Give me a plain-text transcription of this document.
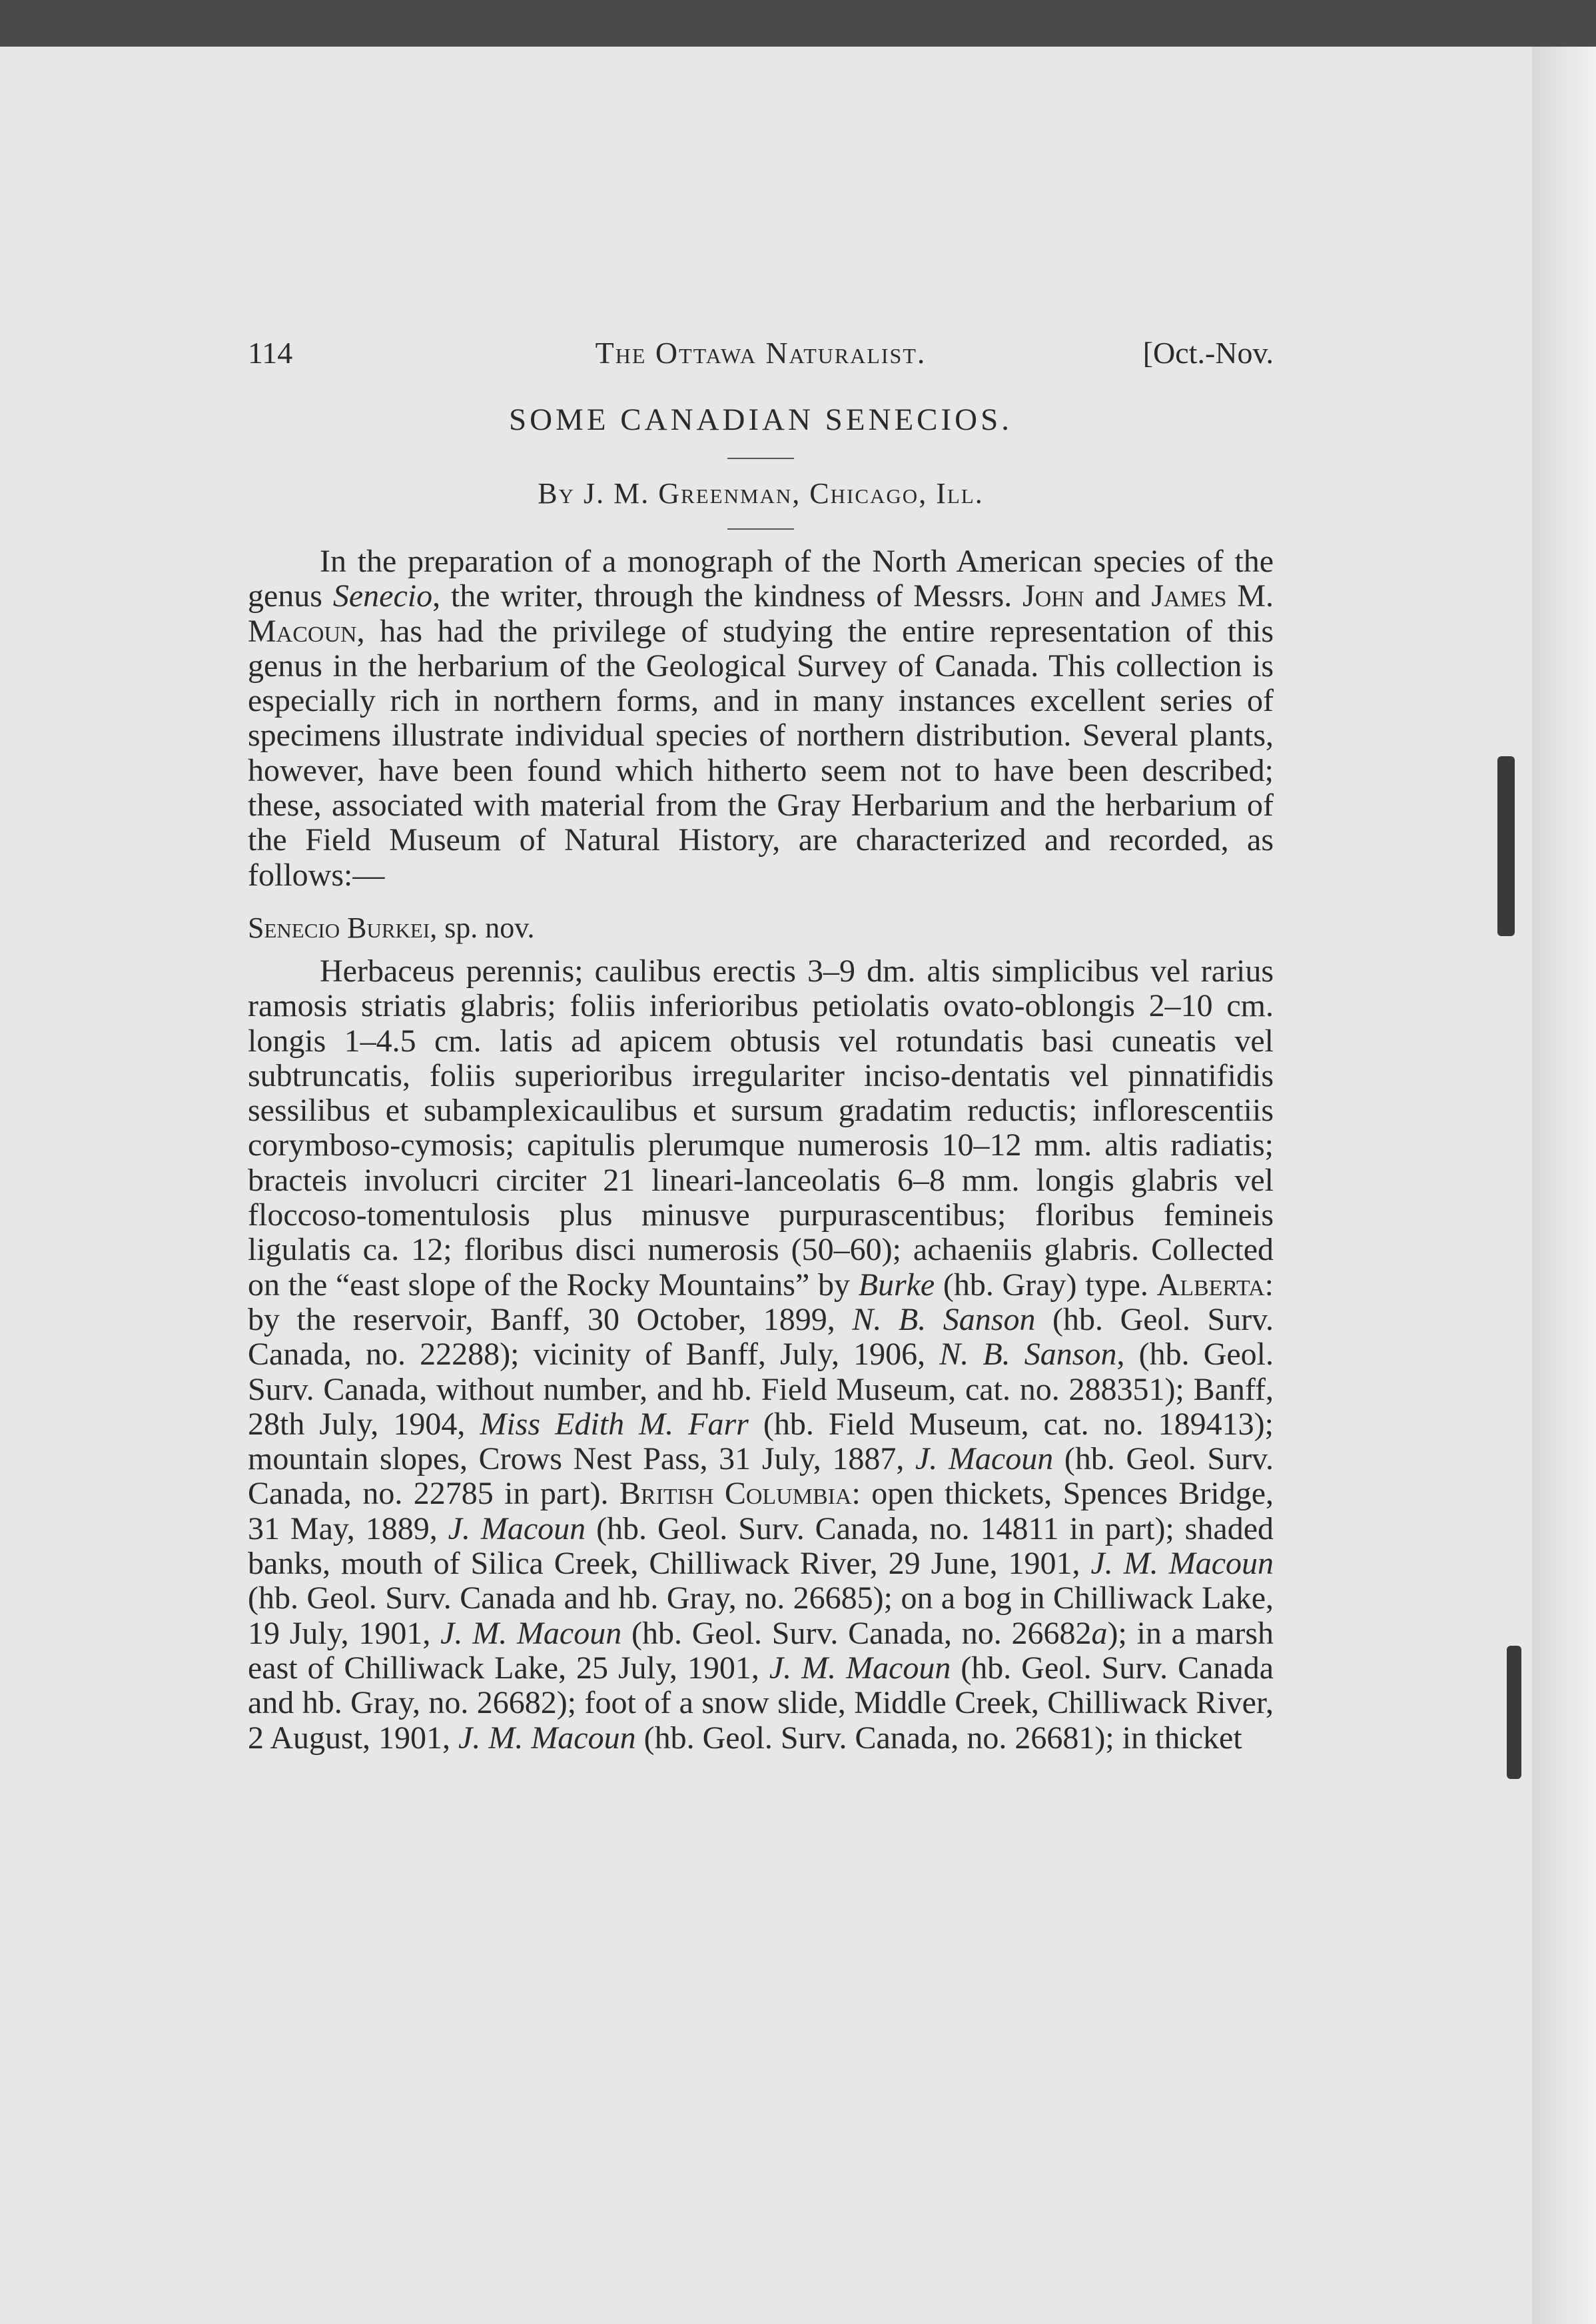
114	The Ottawa Naturalist.	[Oct.-Nov.
SOME CANADIAN SENECIOS.
By J. M. Greenman, Chicago, Ill.

In the preparation of a monograph of the North American species of the genus Senecio, the writer, through the kindness of Messrs. John and James M. Macoun, has had the privilege of studying the entire representation of this genus in the herbarium of the Geological Survey of Canada. This collection is especially rich in northern forms, and in many instances excellent series of specimens illustrate individual species of northern distribution. Several plants, however, have been found which hitherto seem not to have been described; these, associated with material from the Gray Herbarium and the herbarium of the Field Museum of Natural History, are characterized and recorded, as follows:—

Senecio Burkei, sp. nov.

Herbaceus perennis; caulibus erectis 3–9 dm. altis simplicibus vel rarius ramosis striatis glabris; foliis inferioribus petiolatis ovato-oblongis 2–10 cm. longis 1–4.5 cm. latis ad apicem obtusis vel rotundatis basi cuneatis vel subtruncatis, foliis superioribus irregulariter inciso-dentatis vel pinnatifidis sessilibus et subamplexicaulibus et sursum gradatim reductis; inflorescentiis corymboso-cymosis; capitulis plerumque numerosis 10–12 mm. altis radiatis; bracteis involucri circiter 21 lineari-lanceolatis 6–8 mm. longis glabris vel floccoso-tomentulosis plus minusve purpurascentibus; floribus femineis ligulatis ca. 12; floribus disci numerosis (50–60); achaeniis glabris. Collected on the “east slope of the Rocky Mountains” by Burke (hb. Gray) type. Alberta: by the reservoir, Banff, 30 October, 1899, N. B. Sanson (hb. Geol. Surv. Canada, no. 22288); vicinity of Banff, July, 1906, N. B. Sanson, (hb. Geol. Surv. Canada, without number, and hb. Field Museum, cat. no. 288351); Banff, 28th July, 1904, Miss Edith M. Farr (hb. Field Museum, cat. no. 189413); mountain slopes, Crows Nest Pass, 31 July, 1887, J. Macoun (hb. Geol. Surv. Canada, no. 22785 in part). British Columbia: open thickets, Spences Bridge, 31 May, 1889, J. Macoun (hb. Geol. Surv. Canada, no. 14811 in part); shaded banks, mouth of Silica Creek, Chilliwack River, 29 June, 1901, J. M. Macoun (hb. Geol. Surv. Canada and hb. Gray, no. 26685); on a bog in Chilliwack Lake, 19 July, 1901, J. M. Macoun (hb. Geol. Surv. Canada, no. 26682a); in a marsh east of Chilliwack Lake, 25 July, 1901, J. M. Macoun (hb. Geol. Surv. Canada and hb. Gray, no. 26682); foot of a snow slide, Middle Creek, Chilliwack River, 2 August, 1901, J. M. Macoun (hb. Geol. Surv. Canada, no. 26681); in thicket
